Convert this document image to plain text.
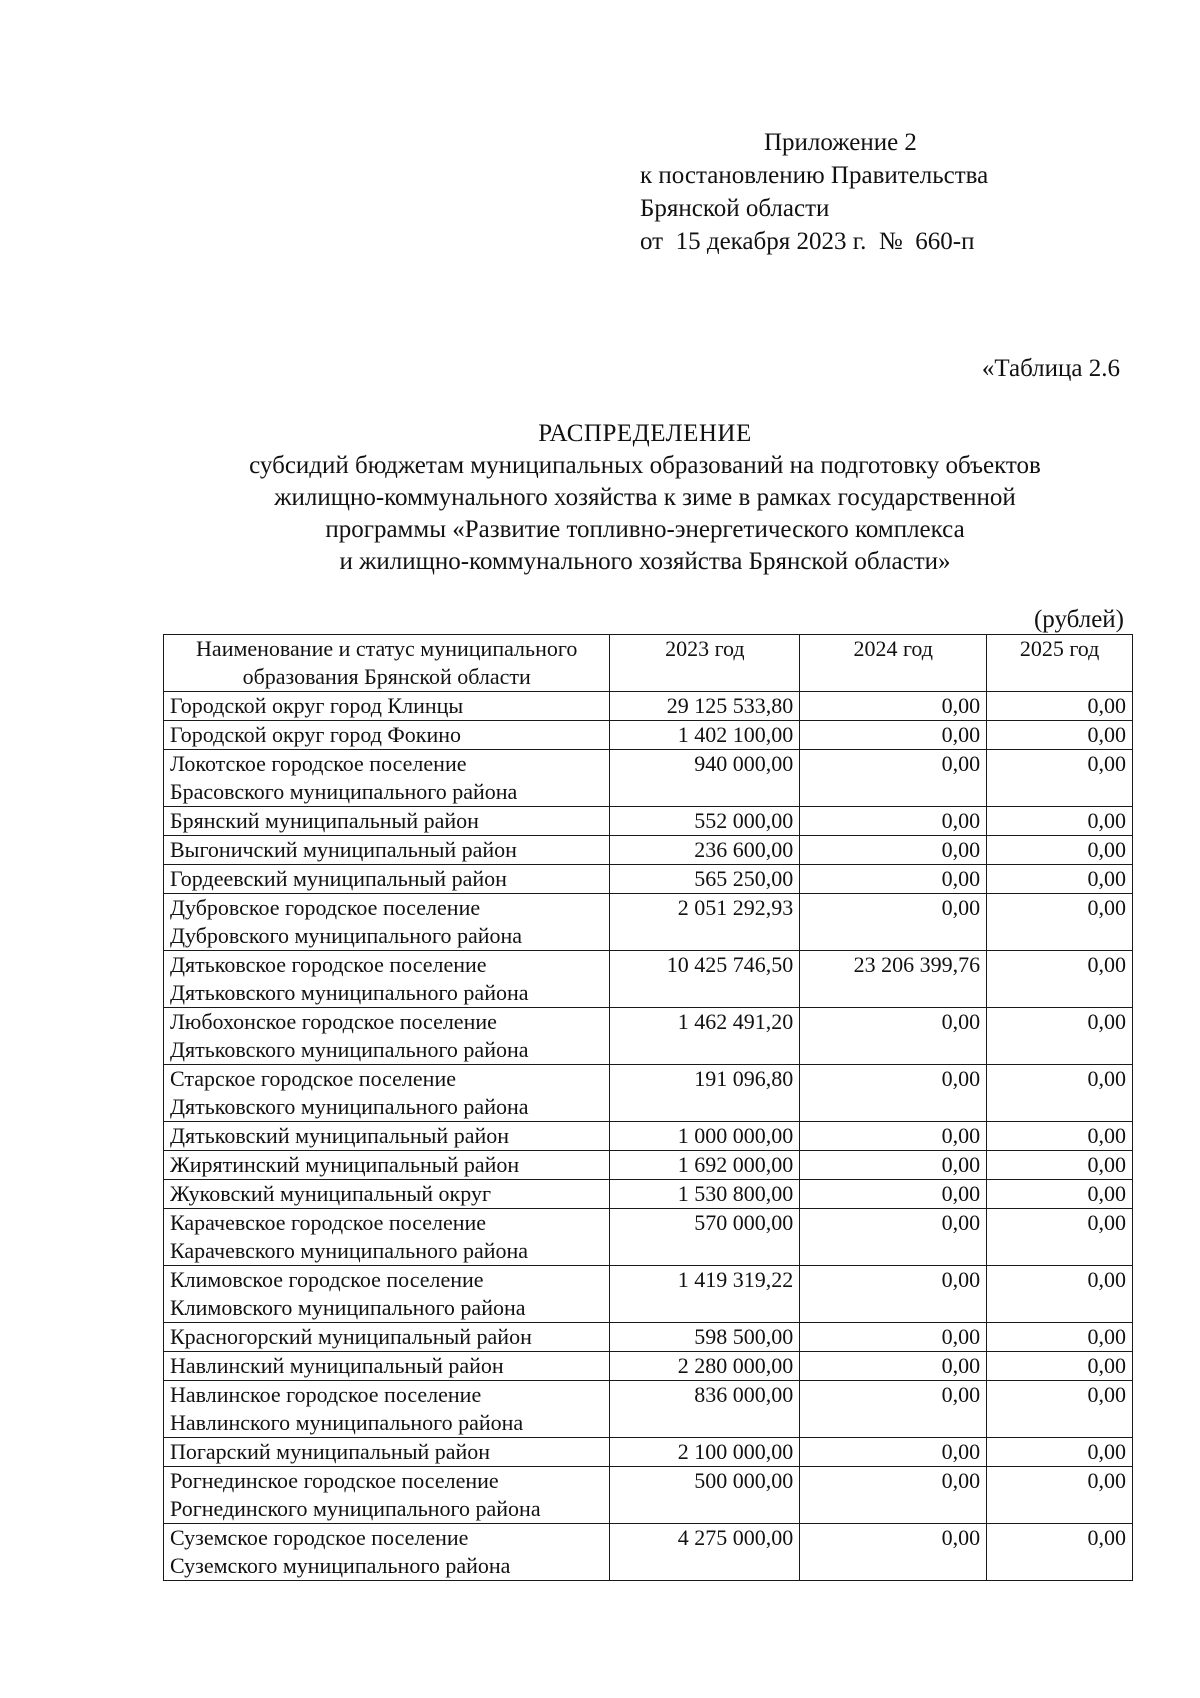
Приложение 2
к постановлению Правительства
Брянской области
от  15 декабря 2023 г.  №  660-п
«Таблица 2.6
РАСПРЕДЕЛЕНИЕ
субсидий бюджетам муниципальных образований на подготовку объектов
жилищно-коммунального хозяйства к зиме в рамках государственной
программы «Развитие топливно-энергетического комплекса
и жилищно-коммунального хозяйства Брянской области»
(рублей)
Наименование и статус муниципального образования Брянской области	2023 год	2024 год	2025 год
Городской округ город Клинцы	29 125 533,80	0,00	0,00
Городской округ город Фокино	1 402 100,00	0,00	0,00
Локотское городское поселение
Брасовского муниципального района	940 000,00	0,00	0,00
Брянский муниципальный район	552 000,00	0,00	0,00
Выгоничский муниципальный район	236 600,00	0,00	0,00
Гордеевский муниципальный район	565 250,00	0,00	0,00
Дубровское городское поселение
Дубровского муниципального района	2 051 292,93	0,00	0,00
Дятьковское городское поселение
Дятьковского муниципального района	10 425 746,50	23 206 399,76	0,00
Любохонское городское поселение
Дятьковского муниципального района	1 462 491,20	0,00	0,00
Старское городское поселение
Дятьковского муниципального района	191 096,80	0,00	0,00
Дятьковский муниципальный район	1 000 000,00	0,00	0,00
Жирятинский муниципальный район	1 692 000,00	0,00	0,00
Жуковский муниципальный округ	1 530 800,00	0,00	0,00
Карачевское городское поселение
Карачевского муниципального района	570 000,00	0,00	0,00
Климовское городское поселение
Климовского муниципального района	1 419 319,22	0,00	0,00
Красногорский муниципальный район	598 500,00	0,00	0,00
Навлинский муниципальный район	2 280 000,00	0,00	0,00
Навлинское городское поселение
Навлинского муниципального района	836 000,00	0,00	0,00
Погарский муниципальный район	2 100 000,00	0,00	0,00
Рогнединское городское поселение
Рогнединского муниципального района	500 000,00	0,00	0,00
Суземское городское поселение
Суземского муниципального района	4 275 000,00	0,00	0,00
